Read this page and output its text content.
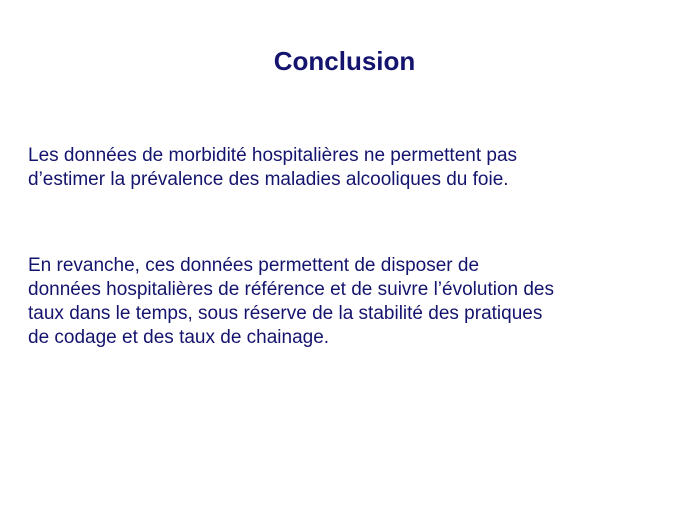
Conclusion
Les données de morbidité hospitalières ne permettent pas
d’estimer la prévalence des maladies alcooliques du foie.
En revanche, ces données permettent de disposer de
données hospitalières de référence et de suivre l’évolution des
taux dans le temps, sous réserve de la stabilité des pratiques
de codage et des taux de chainage.
